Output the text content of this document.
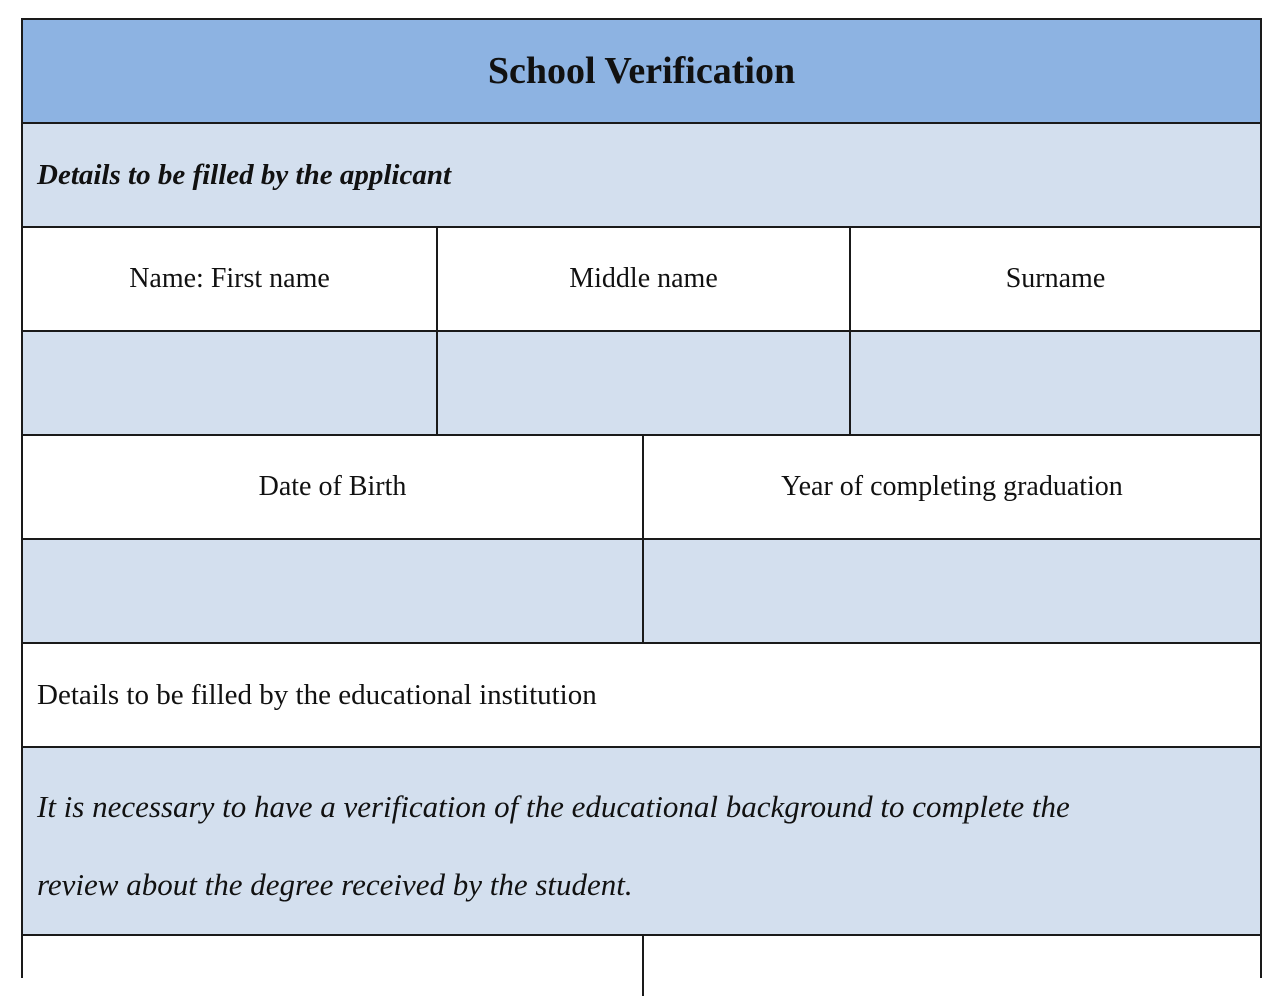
School Verification
Details to be filled by the applicant
Name: First name	Middle name	Surname
Date of Birth	Year of completing graduation
Details to be filled by the educational institution
It is necessary to have a verification of the educational background to complete the
review about the degree received by the student.
